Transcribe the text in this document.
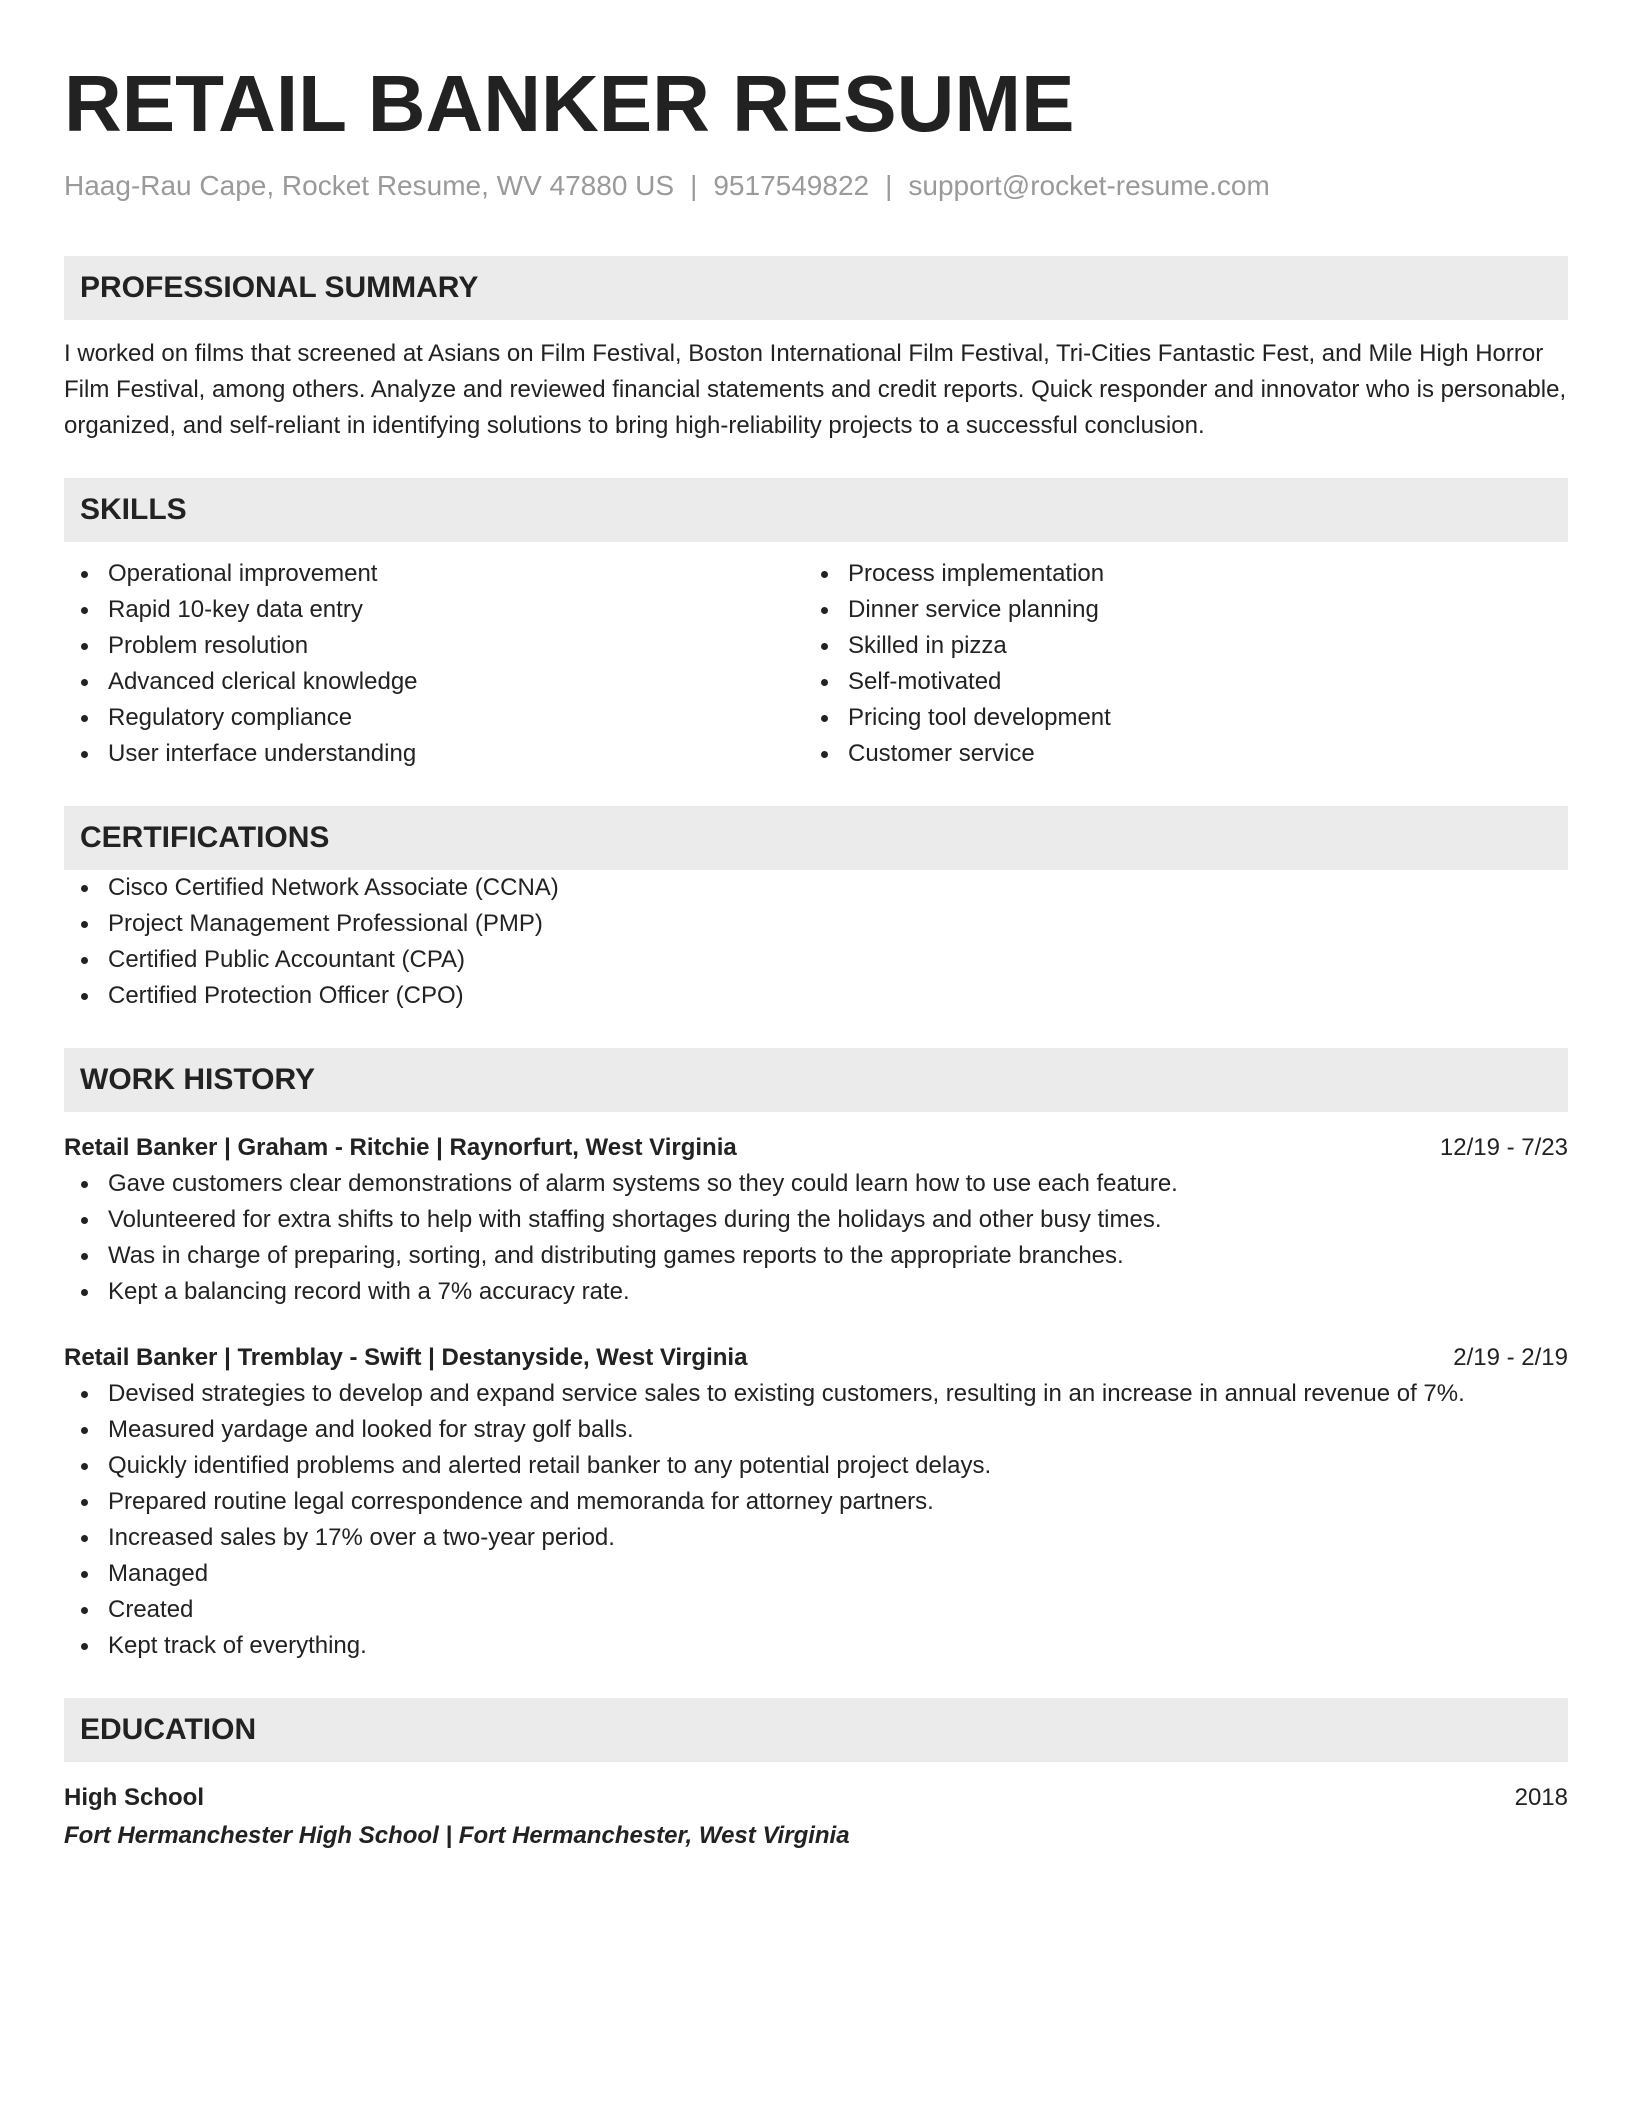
RETAIL BANKER RESUME
Haag-Rau Cape, Rocket Resume, WV 47880 US | 9517549822 | support@rocket-resume.com
PROFESSIONAL SUMMARY

I worked on films that screened at Asians on Film Festival, Boston International Film Festival, Tri-Cities Fantastic Fest, and Mile High Horror Film Festival, among others. Analyze and reviewed financial statements and credit reports. Quick responder and innovator who is personable, organized, and self-reliant in identifying solutions to bring high-reliability projects to a successful conclusion.

SKILLS
Operational improvement
Rapid 10-key data entry
Problem resolution
Advanced clerical knowledge
Regulatory compliance
User interface understanding
Process implementation
Dinner service planning
Skilled in pizza
Self-motivated
Pricing tool development
Customer service
CERTIFICATIONS
Cisco Certified Network Associate (CCNA)
Project Management Professional (PMP)
Certified Public Accountant (CPA)
Certified Protection Officer (CPO)
WORK HISTORY
Retail Banker | Graham - Ritchie | Raynorfurt, West Virginia	12/19 - 7/23
Gave customers clear demonstrations of alarm systems so they could learn how to use each feature.
Volunteered for extra shifts to help with staffing shortages during the holidays and other busy times.
Was in charge of preparing, sorting, and distributing games reports to the appropriate branches.
Kept a balancing record with a 7% accuracy rate.
Retail Banker | Tremblay - Swift | Destanyside, West Virginia	2/19 - 2/19
Devised strategies to develop and expand service sales to existing customers, resulting in an increase in annual revenue of 7%.
Measured yardage and looked for stray golf balls.
Quickly identified problems and alerted retail banker to any potential project delays.
Prepared routine legal correspondence and memoranda for attorney partners.
Increased sales by 17% over a two-year period.
Managed
Created
Kept track of everything.
EDUCATION
High School	2018
Fort Hermanchester High School | Fort Hermanchester, West Virginia
